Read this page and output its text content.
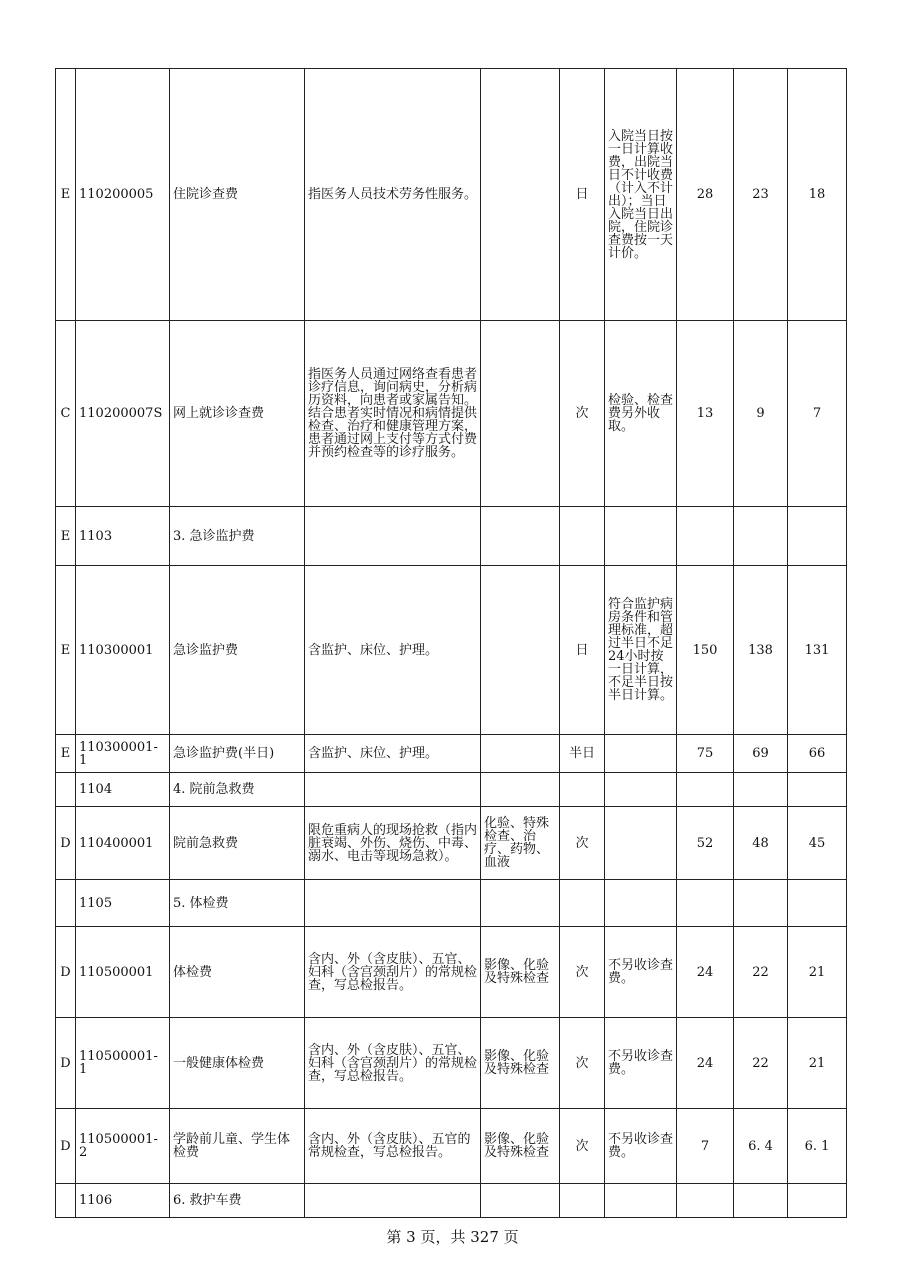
E	110200005	住院诊查费	指医务人员技术劳务性服务。		日	入院当日按一日计算收费，出院当日不计收费（计入不计出）；当日入院当日出院，住院诊查费按一天计价。	28	23	18
C	110200007S	网上就诊诊查费	指医务人员通过网络查看患者诊疗信息，询问病史，分析病历资料，向患者或家属告知。结合患者实时情况和病情提供检查、治疗和健康管理方案，患者通过网上支付等方式付费并预约检查等的诊疗服务。		次	检验、检查费另外收取。	13	9	7
E	1103	3. 急诊监护费							
E	110300001	急诊监护费	含监护、床位、护理。		日	符合监护病房条件和管理标准，超过半日不足24小时按一日计算，不足半日按半日计算。	150	138	131
E	110300001-1	急诊监护费(半日)	含监护、床位、护理。		半日		75	69	66
	1104	4. 院前急救费							
D	110400001	院前急救费	限危重病人的现场抢救（指内脏衰竭、外伤、烧伤、中毒、溺水、电击等现场急救）。	化验、特殊检查、治疗、药物、血液	次		52	48	45
	1105	5. 体检费							
D	110500001	体检费	含内、外（含皮肤）、五官、妇科（含宫颈刮片）的常规检查，写总检报告。	影像、化验及特殊检查	次	不另收诊查费。	24	22	21
D	110500001-1	一般健康体检费	含内、外（含皮肤）、五官、妇科（含宫颈刮片）的常规检查，写总检报告。	影像、化验及特殊检查	次	不另收诊查费。	24	22	21
D	110500001-2	学龄前儿童、学生体检费	含内、外（含皮肤）、五官的常规检查，写总检报告。	影像、化验及特殊检查	次	不另收诊查费。	7	6. 4	6. 1
	1106	6. 救护车费							
第 3 页，共 327 页
